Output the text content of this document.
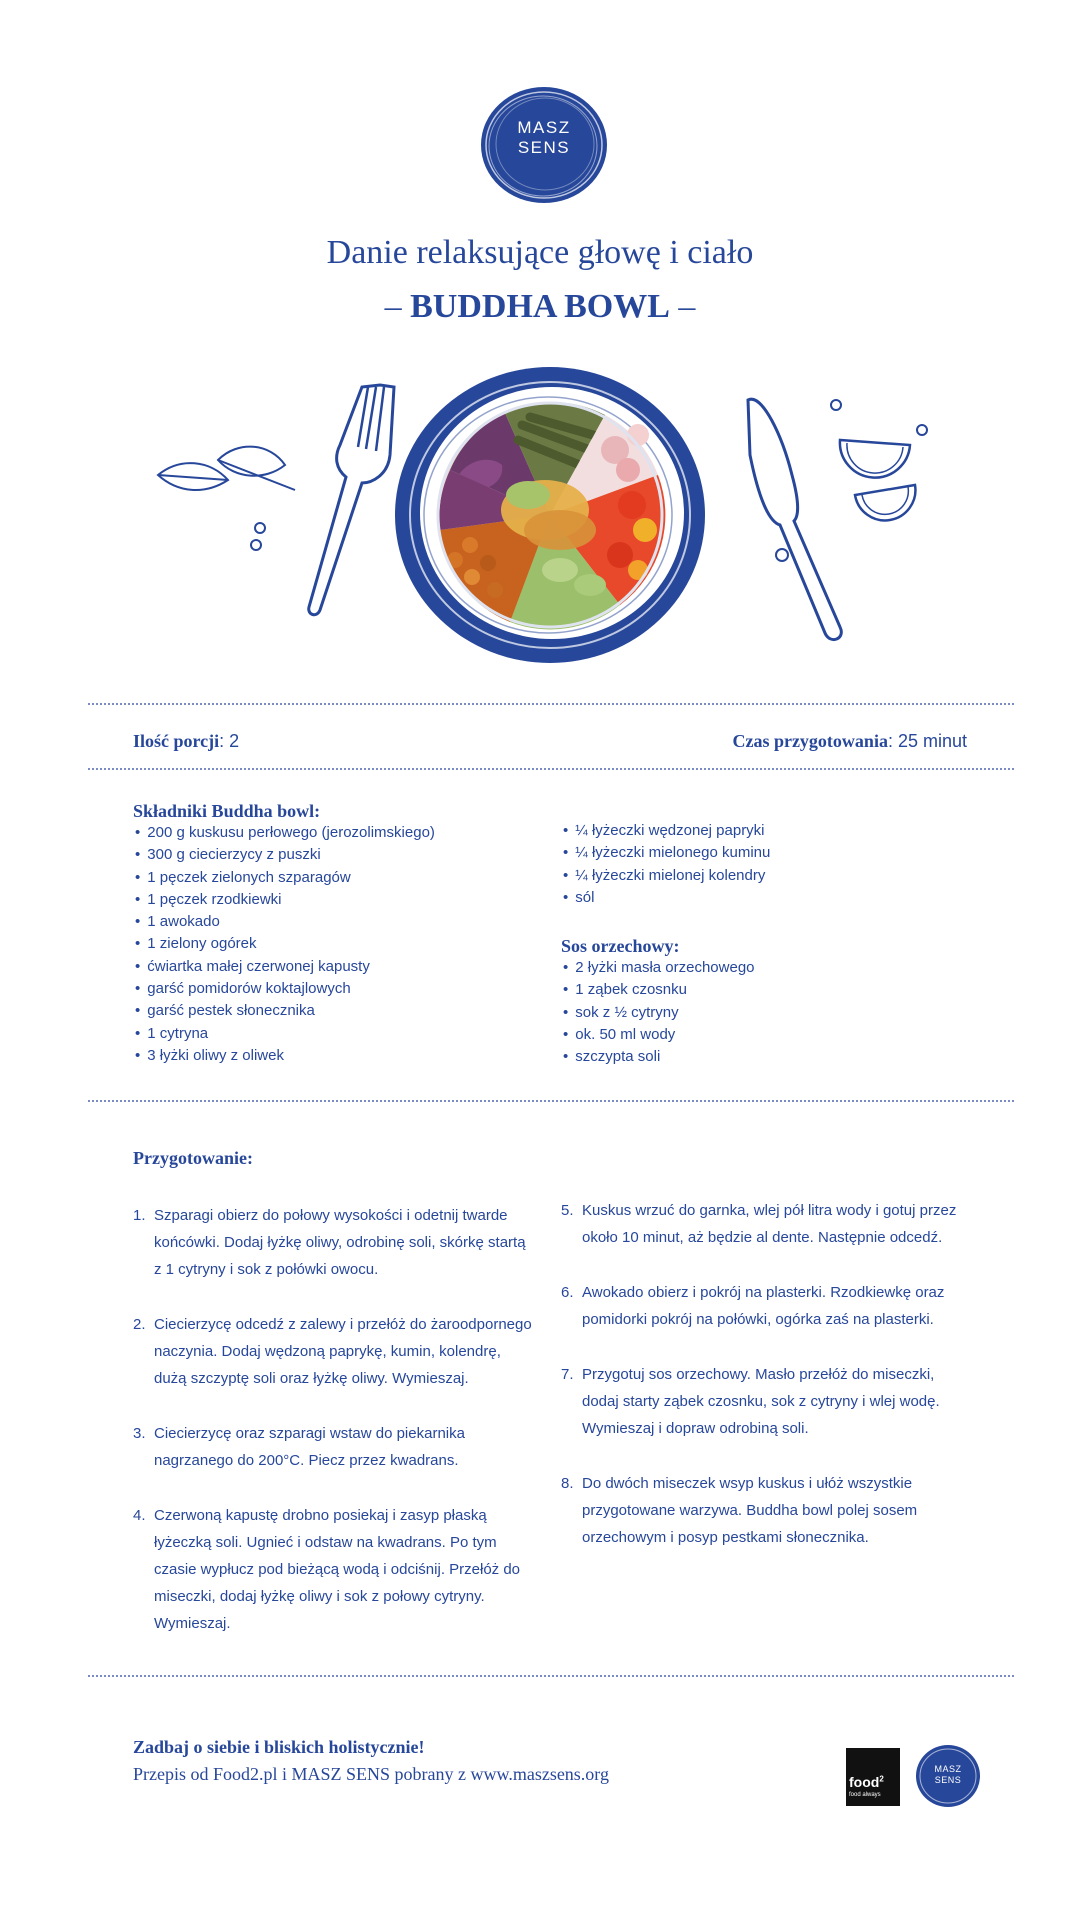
MASZ
SENS
Danie relaksujące głowę i ciało
– BUDDHA BOWL –
Ilość porcji: 2	Czas przygotowania: 25 minut
Składniki Buddha bowl:
• 200 g kuskusu perłowego (jerozolimskiego)
• 300 g ciecierzycy z puszki
• 1 pęczek zielonych szparagów
• 1 pęczek rzodkiewki
• 1 awokado
• 1 zielony ogórek
• ćwiartka małej czerwonej kapusty
• garść pomidorów koktajlowych
• garść pestek słonecznika
• 1 cytryna
• 3 łyżki oliwy z oliwek
• ¼ łyżeczki wędzonej papryki
• ¼ łyżeczki mielonego kuminu
• ¼ łyżeczki mielonej kolendry
• sól
Sos orzechowy:
• 2 łyżki masła orzechowego
• 1 ząbek czosnku
• sok z ½ cytryny
• ok. 50 ml wody
• szczypta soli
Przygotowanie:
1. Szparagi obierz do połowy wysokości i odetnij twarde końcówki. Dodaj łyżkę oliwy, odrobinę soli, skórkę startą z 1 cytryny i sok z połówki owocu.
2. Ciecierzycę odcedź z zalewy i przełóż do żaroodpornego naczynia. Dodaj wędzoną paprykę, kumin, kolendrę, dużą szczyptę soli oraz łyżkę oliwy. Wymieszaj.
3. Ciecierzycę oraz szparagi wstaw do piekarnika nagrzanego do 200°C. Piecz przez kwadrans.
4. Czerwoną kapustę drobno posiekaj i zasyp płaską łyżeczką soli. Ugnieć i odstaw na kwadrans. Po tym czasie wypłucz pod bieżącą wodą i odciśnij. Przełóż do miseczki, dodaj łyżkę oliwy i sok z połowy cytryny. Wymieszaj.
5. Kuskus wrzuć do garnka, wlej pół litra wody i gotuj przez około 10 minut, aż będzie al dente. Następnie odcedź.
6. Awokado obierz i pokrój na plasterki. Rzodkiewkę oraz pomidorki pokrój na połówki, ogórka zaś na plasterki.
7. Przygotuj sos orzechowy. Masło przełóż do miseczki, dodaj starty ząbek czosnku, sok z cytryny i wlej wodę. Wymieszaj i dopraw odrobiną soli.
8. Do dwóch miseczek wsyp kuskus i ułóż wszystkie przygotowane warzywa. Buddha bowl polej sosem orzechowym i posyp pestkami słonecznika.
Zadbaj o siebie i bliskich holistycznie!
Przepis od Food2.pl i MASZ SENS pobrany z www.maszsens.org	food$^2$
food always
MASZ
SENS
